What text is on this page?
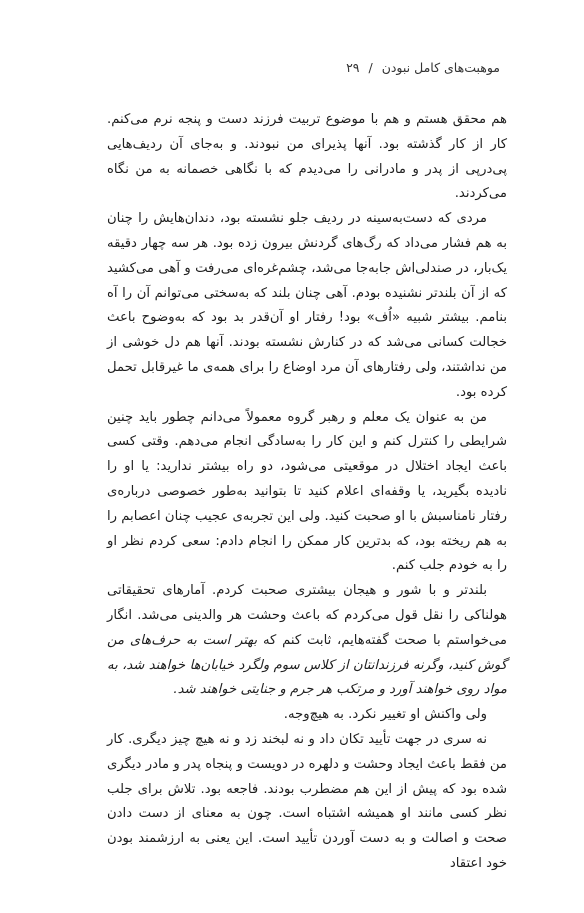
موهبت‌های کامل نبودن / ۲۹

هم محقق هستم و هم با موضوع تربیت فرزند دست و پنجه نرم می‌کنم. کار از کار گذشته بود. آنها پذیرای من نبودند. و به‌جای آن ردیف‌هایی پی‌درپی از پدر و مادرانی را می‌دیدم که با نگاهی خصمانه به من نگاه می‌کردند.

مردی که دست‌به‌سینه در ردیف جلو نشسته بود، دندان‌هایش را چنان به هم فشار می‌داد که رگ‌های گردنش بیرون زده بود. هر سه چهار دقیقه یک‌بار، در صندلی‌اش جابه‌جا می‌شد، چشم‌غره‌ای می‌رفت و آهی می‌کشید که از آن بلندتر نشنیده بودم. آهی چنان بلند که به‌سختی می‌توانم آن را آه بنامم. بیشتر شبیه «اُف» بود! رفتار او آن‌قدر بد بود که به‌وضوح باعث خجالت کسانی می‌شد که در کنارش نشسته بودند. آنها هم دل خوشی از من نداشتند، ولی رفتارهای آن مرد اوضاع را برای همه‌ی ما غیرقابل تحمل کرده بود.

من به عنوان یک معلم و رهبر گروه معمولاً می‌دانم چطور باید چنین شرایطی را کنترل کنم و این کار را به‌سادگی انجام می‌دهم. وقتی کسی باعث ایجاد اختلال در موقعیتی می‌شود، دو راه بیشتر ندارید: یا او را نادیده بگیرید، یا وقفه‌ای اعلام کنید تا بتوانید به‌طور خصوصی درباره‌ی رفتار نامناسبش با او صحبت کنید. ولی این تجربه‌ی عجیب چنان اعصابم را به هم ریخته بود، که بدترین کار ممکن را انجام دادم: سعی کردم نظر او را به خودم جلب کنم.

بلندتر و با شور و هیجان بیشتری صحبت کردم. آمارهای تحقیقاتی هولناکی را نقل قول می‌کردم که باعث وحشت هر والدینی می‌شد. انگار می‌خواستم با صحت گفته‌هایم، ثابت کنم که بهتر است به حرف‌های من گوش کنید، وگرنه فرزندانتان از کلاس سوم ولگرد خیابان‌ها خواهند شد، به مواد روی خواهند آورد و مرتکب هر جرم و جنایتی خواهند شد.

ولی واکنش او تغییر نکرد. به هیچ‌وجه.

نه سری در جهت تأیید تکان داد و نه لبخند زد و نه هیچ چیز دیگری. کار من فقط باعث ایجاد وحشت و دلهره در دویست و پنجاه پدر و مادر دیگری شده بود که پیش از این هم مضطرب بودند. فاجعه بود. تلاش برای جلب نظر کسی مانند او همیشه اشتباه است. چون به معنای از دست دادن صحت و اصالت و به دست آوردن تأیید است. این یعنی به ارزشمند بودن خود اعتقاد
